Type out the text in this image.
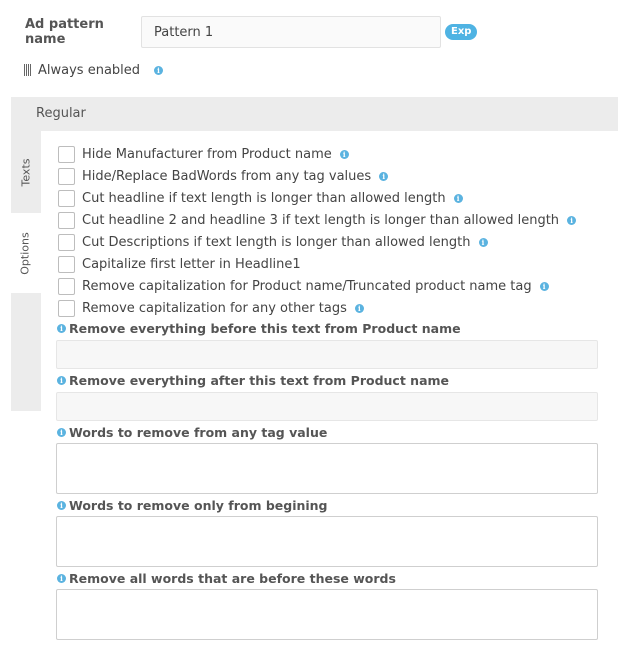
Ad pattern name
Pattern 1
Exp
Always enabled	i
Regular
Texts
Options
Hide Manufacturer from Product name	i
Hide/Replace BadWords from any tag values	i
Cut headline if text length is longer than allowed length	i
Cut headline 2 and headline 3 if text length is longer than allowed length	i
Cut Descriptions if text length is longer than allowed length	i
Capitalize first letter in Headline1
Remove capitalization for Product name/Truncated product name tag	i
Remove capitalization for any other tags	i
i Remove everything before this text from Product name
i Remove everything after this text from Product name
i Words to remove from any tag value
i Words to remove only from begining
i Remove all words that are before these words
